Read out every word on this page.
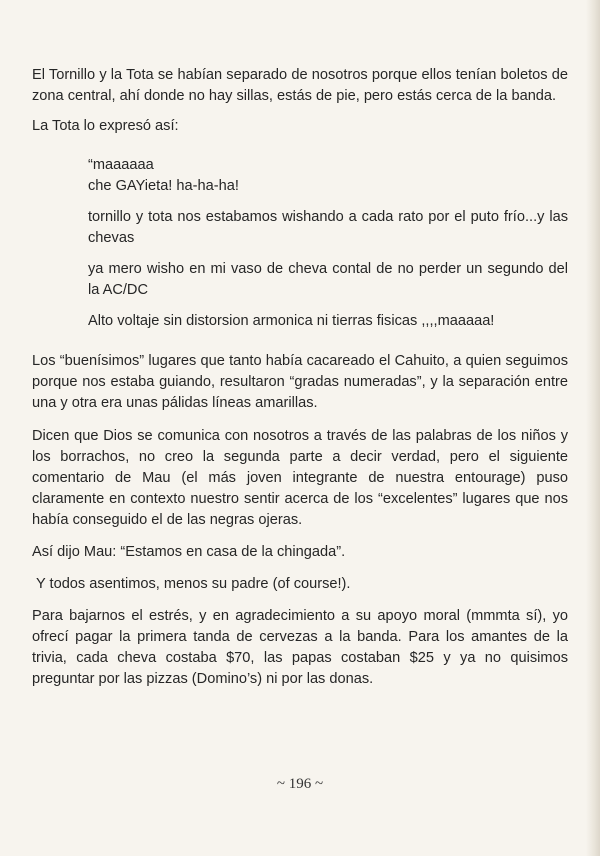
El Tornillo y la Tota se habían separado de nosotros porque ellos tenían boletos de zona central, ahí donde no hay sillas, estás de pie, pero estás cerca de la banda.

La Tota lo expresó así:

“maaaaaa
che GAYieta! ha-ha-ha!

tornillo y tota nos estabamos wishando a cada rato por el puto frío...y las chevas

ya mero wisho en mi vaso de cheva contal de no perder un segundo del la AC/DC

Alto voltaje sin distorsion armonica ni tierras fisicas ,,,,maaaaa!

Los “buenísimos” lugares que tanto había cacareado el Cahuito, a quien seguimos porque nos estaba guiando, resultaron “gradas numeradas”, y la separación entre una y otra era unas pálidas líneas amarillas.

Dicen que Dios se comunica con nosotros a través de las palabras de los niños y los borrachos, no creo la segunda parte a decir verdad, pero el siguiente comentario de Mau (el más joven integrante de nuestra entourage) puso claramente en contexto nuestro sentir acerca de los “excelentes” lugares que nos había conseguido el de las negras ojeras.

Así dijo Mau: “Estamos en casa de la chingada”.

Y todos asentimos, menos su padre (of course!).

Para bajarnos el estrés, y en agradecimiento a su apoyo moral (mmmta sí), yo ofrecí pagar la primera tanda de cervezas a la banda. Para los amantes de la trivia, cada cheva costaba $70, las papas costaban $25 y ya no quisimos preguntar por las pizzas (Domino’s) ni por las donas.

~ 196 ~
